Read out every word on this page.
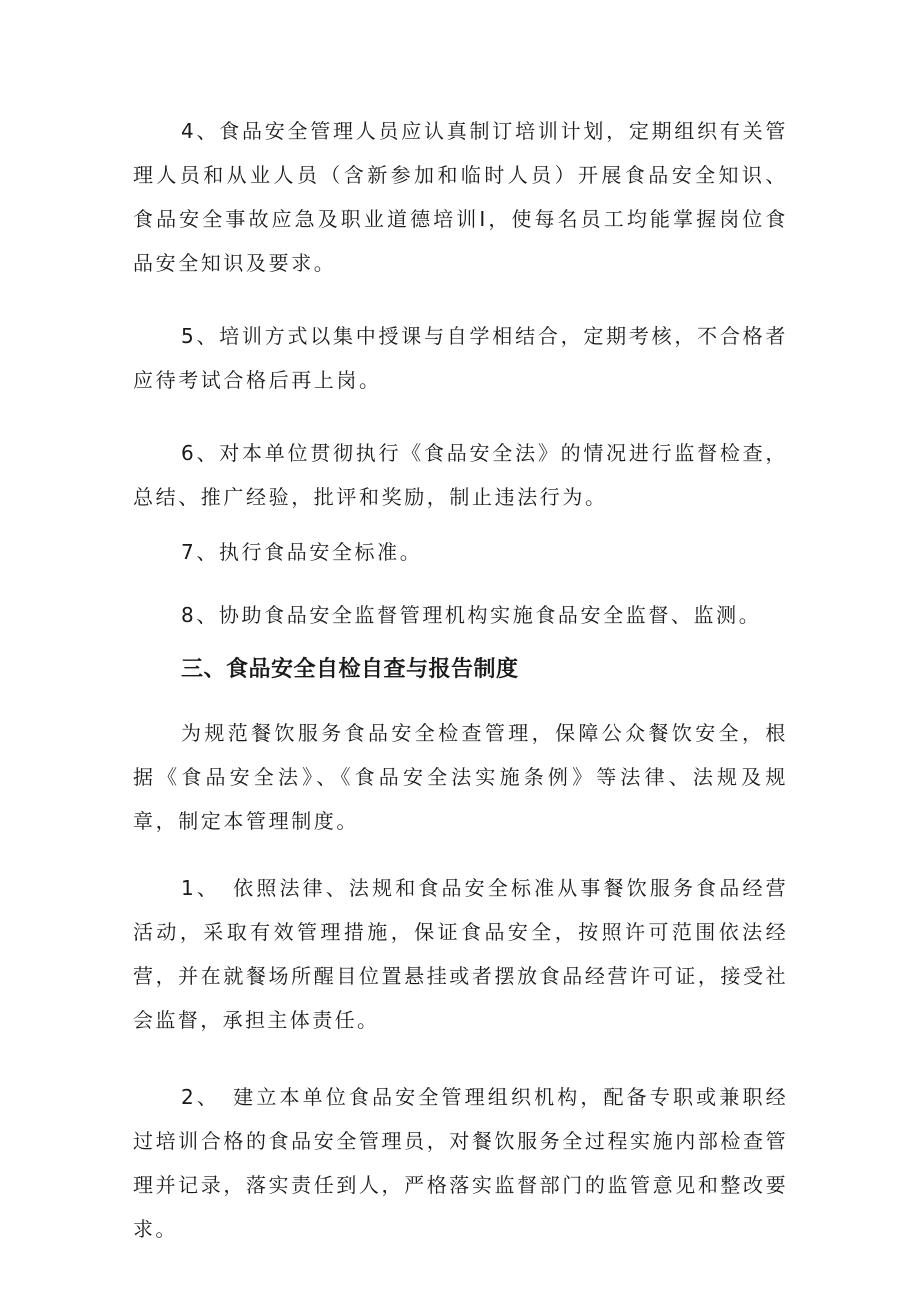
4、食品安全管理人员应认真制订培训计划，定期组织有关管理人员和从业人员（含新参加和临时人员）开展食品安全知识、食品安全事故应急及职业道德培训I，使每名员工均能掌握岗位食品安全知识及要求。

5、培训方式以集中授课与自学相结合，定期考核，不合格者应待考试合格后再上岗。

6、对本单位贯彻执行《食品安全法》的情况进行监督检查，总结、推广经验，批评和奖励，制止违法行为。

7、执行食品安全标准。

8、协助食品安全监督管理机构实施食品安全监督、监测。

三、食品安全自检自查与报告制度

为规范餐饮服务食品安全检查管理，保障公众餐饮安全，根据《食品安全法》、《食品安全法实施条例》等法律、法规及规章，制定本管理制度。

1、　依照法律、法规和食品安全标准从事餐饮服务食品经营活动，采取有效管理措施，保证食品安全，按照许可范围依法经营，并在就餐场所醒目位置悬挂或者摆放食品经营许可证，接受社会监督，承担主体责任。

2、　建立本单位食品安全管理组织机构，配备专职或兼职经过培训合格的食品安全管理员，对餐饮服务全过程实施内部检查管理并记录，落实责任到人，严格落实监督部门的监管意见和整改要求。
